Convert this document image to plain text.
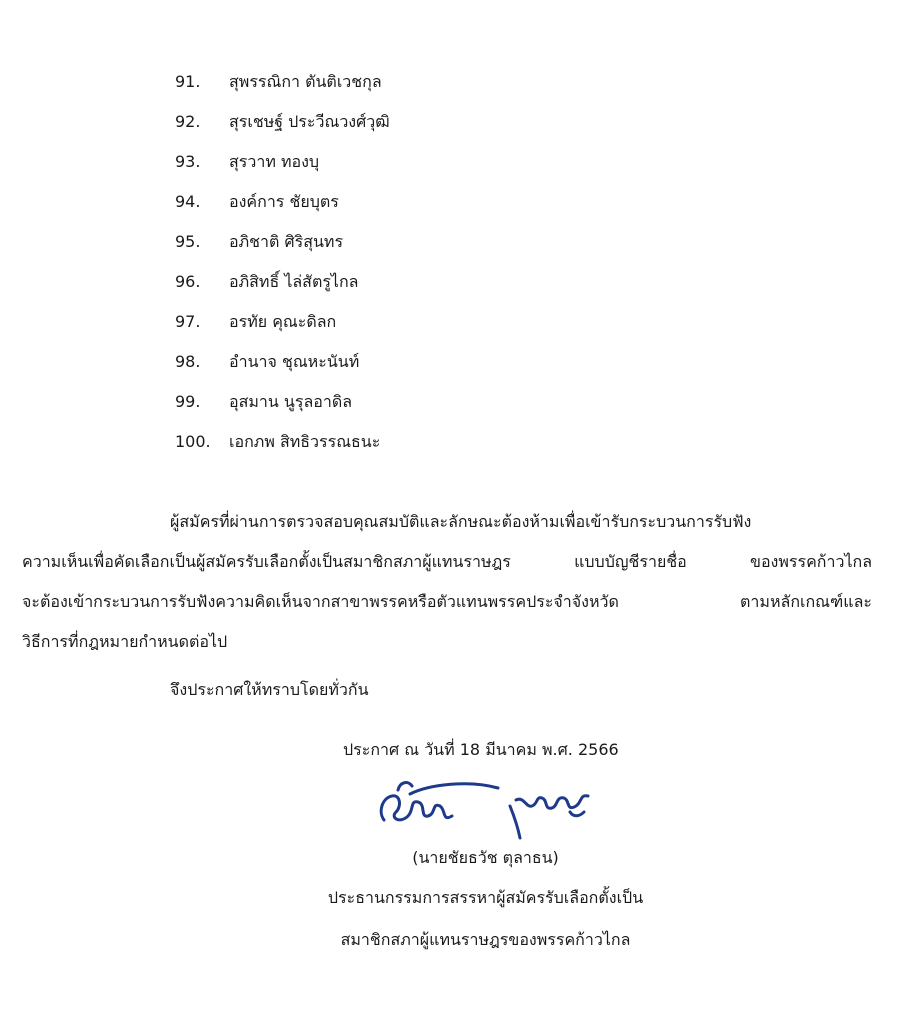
91. สุพรรณิกา ตันติเวชกุล
92. สุรเชษฐ์ ประวีณวงศ์วุฒิ
93. สุรวาท ทองบุ
94. องค์การ ชัยบุตร
95. อภิชาติ ศิริสุนทร
96. อภิสิทธิ์ ไล่สัตรูไกล
97. อรทัย คุณะดิลก
98. อำนาจ ชุณหะนันท์
99. อุสมาน นูรุลอาดิล
100. เอกภพ สิทธิวรรณธนะ
ผู้สมัครที่ผ่านการตรวจสอบคุณสมบัติและลักษณะต้องห้ามเพื่อเข้ารับกระบวนการรับฟัง
ความเห็นเพื่อคัดเลือกเป็นผู้สมัครรับเลือกตั้งเป็นสมาชิกสภาผู้แทนราษฎร แบบบัญชีรายชื่อ ของพรรคก้าวไกล
จะต้องเข้ากระบวนการรับฟังความคิดเห็นจากสาขาพรรคหรือตัวแทนพรรคประจำจังหวัด ตามหลักเกณฑ์และ
วิธีการที่กฎหมายกำหนดต่อไป
จึงประกาศให้ทราบโดยทั่วกัน
ประกาศ ณ วันที่ 18 มีนาคม พ.ศ. 2566
(นายชัยธวัช ตุลาธน)
ประธานกรรมการสรรหาผู้สมัครรับเลือกตั้งเป็น
สมาชิกสภาผู้แทนราษฎรของพรรคก้าวไกล
